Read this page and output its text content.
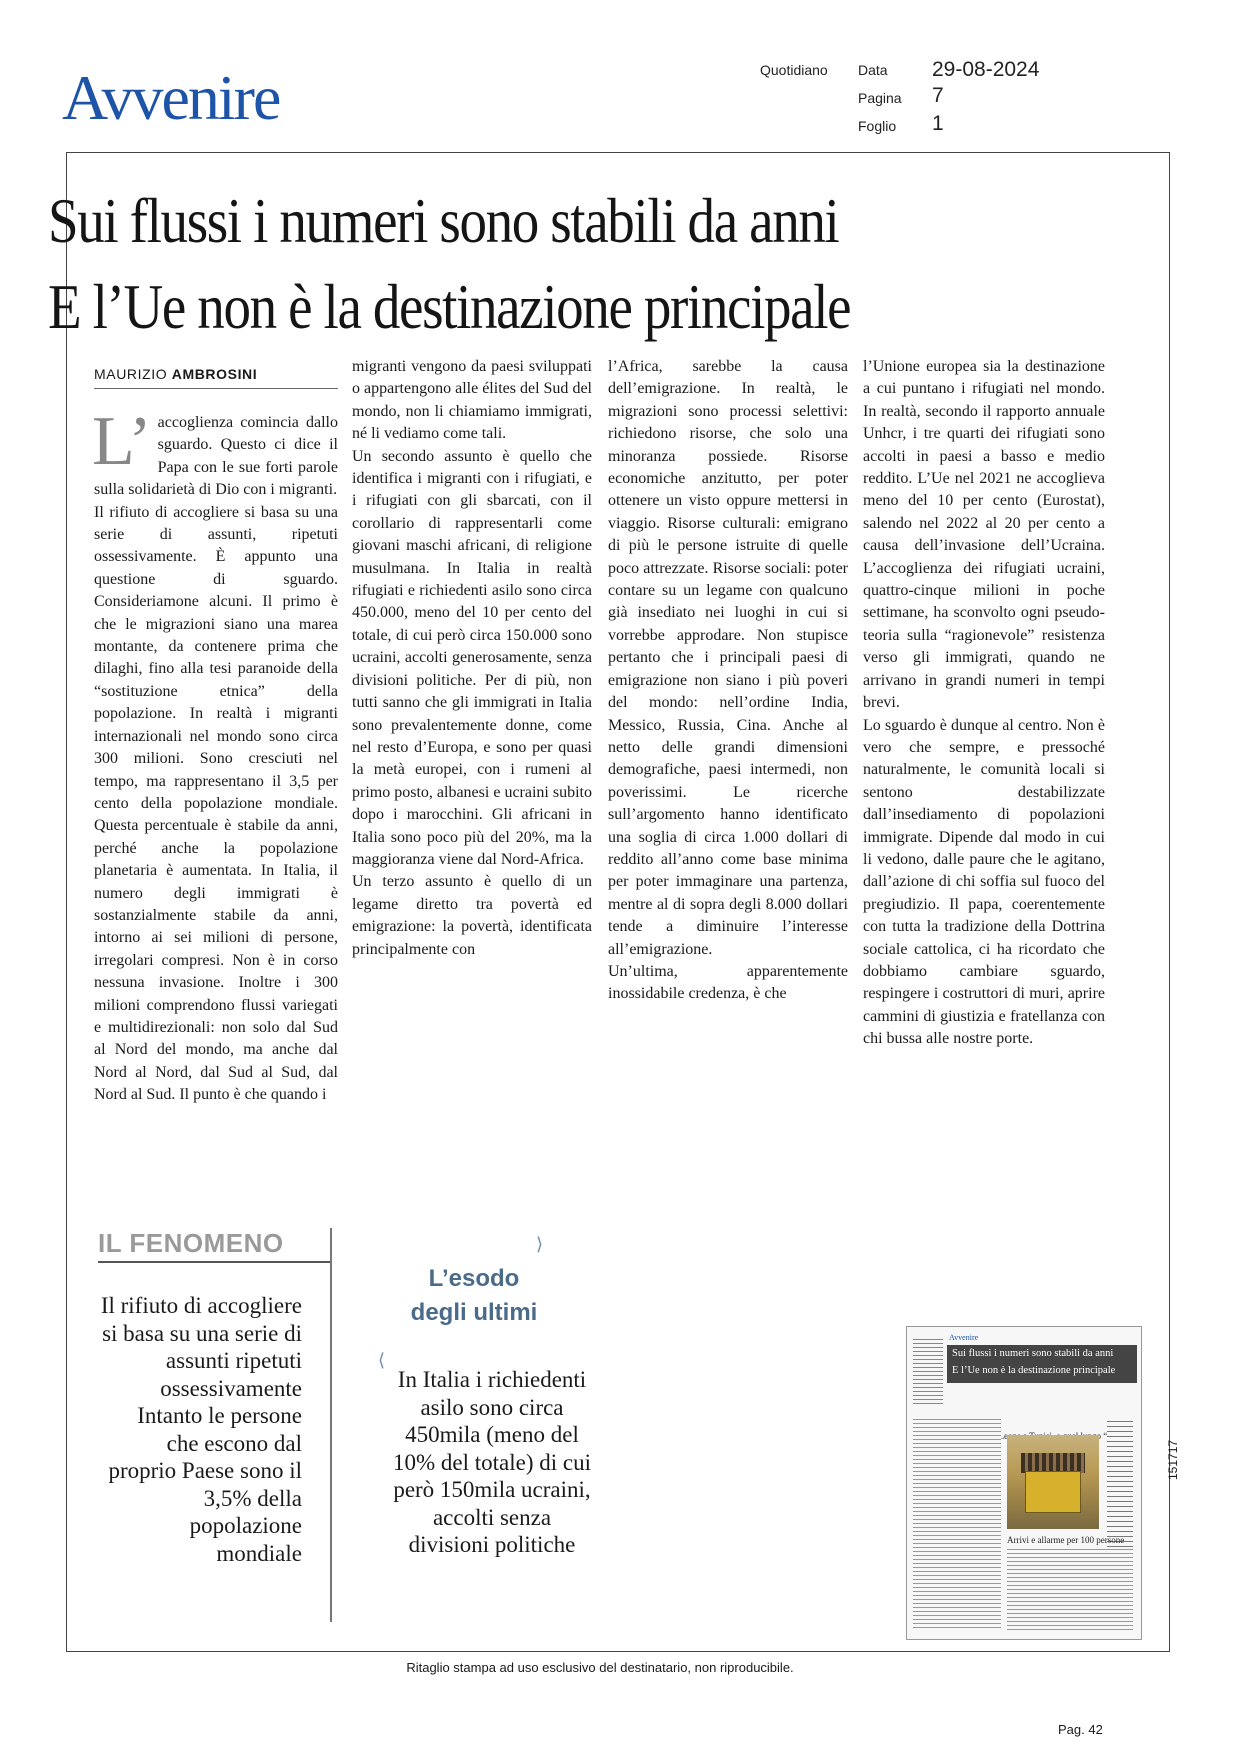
Avvenire	Quotidiano Data 29-08-2024
Pagina 7
Foglio 1
Sui flussi i numeri sono stabili da anni
E l’Ue non è la destinazione principale
MAURIZIO AMBROSINI
L’ accoglienza comincia dallo sguardo. Questo ci dice il Papa con le sue forti parole sulla solidarietà di Dio con i migranti.

Il rifiuto di accogliere si basa su una serie di assunti, ripetuti ossessivamente. È appunto una questione di sguardo. Consideriamone alcuni. Il primo è che le migrazioni siano una marea montante, da contenere prima che dilaghi, fino alla tesi paranoide della “sostituzione etnica” della popolazione. In realtà i migranti internazionali nel mondo sono circa 300 milioni. Sono cresciuti nel tempo, ma rappresentano il 3,5 per cento della popolazione mondiale. Questa percentuale è stabile da anni, perché anche la popolazione planetaria è aumentata. In Italia, il numero degli immigrati è sostanzialmente stabile da anni, intorno ai sei milioni di persone, irregolari compresi. Non è in corso nessuna invasione. Inoltre i 300 milioni comprendono flussi variegati e multidirezionali: non solo dal Sud al Nord del mondo, ma anche dal Nord al Nord, dal Sud al Sud, dal Nord al Sud. Il punto è che quando i

migranti vengono da paesi sviluppati o appartengono alle élites del Sud del mondo, non li chiamiamo immigrati, né li vediamo come tali.

Un secondo assunto è quello che identifica i migranti con i rifugiati, e i rifugiati con gli sbarcati, con il corollario di rappresentarli come giovani maschi africani, di religione musulmana. In Italia in realtà rifugiati e richiedenti asilo sono circa 450.000, meno del 10 per cento del totale, di cui però circa 150.000 sono ucraini, accolti generosamente, senza divisioni politiche. Per di più, non tutti sanno che gli immigrati in Italia sono prevalentemente donne, come nel resto d’Europa, e sono per quasi la metà europei, con i rumeni al primo posto, albanesi e ucraini subito dopo i marocchini. Gli africani in Italia sono poco più del 20%, ma la maggioranza viene dal Nord-Africa.

Un terzo assunto è quello di un legame diretto tra povertà ed emigrazione: la povertà, identificata principalmente con

l’Africa, sarebbe la causa dell’emigrazione. In realtà, le migrazioni sono processi selettivi: richiedono risorse, che solo una minoranza possiede. Risorse economiche anzitutto, per poter ottenere un visto oppure mettersi in viaggio. Risorse culturali: emigrano di più le persone istruite di quelle poco attrezzate. Risorse sociali: poter contare su un legame con qualcuno già insediato nei luoghi in cui si vorrebbe approdare. Non stupisce pertanto che i principali paesi di emigrazione non siano i più poveri del mondo: nell’ordine India, Messico, Russia, Cina. Anche al netto delle grandi dimensioni demografiche, paesi intermedi, non poverissimi. Le ricerche sull’argomento hanno identificato una soglia di circa 1.000 dollari di reddito all’anno come base minima per poter immaginare una partenza, mentre al di sopra degli 8.000 dollari tende a diminuire l’interesse all’emigrazione.

Un’ultima, apparentemente inossidabile credenza, è che

l’Unione europea sia la destinazione a cui puntano i rifugiati nel mondo. In realtà, secondo il rapporto annuale Unhcr, i tre quarti dei rifugiati sono accolti in paesi a basso e medio reddito. L’Ue nel 2021 ne accoglieva meno del 10 per cento (Eurostat), salendo nel 2022 al 20 per cento a causa dell’invasione dell’Ucraina. L’accoglienza dei rifugiati ucraini, quattro-cinque milioni in poche settimane, ha sconvolto ogni pseudo-teoria sulla “ragionevole” resistenza verso gli immigrati, quando ne arrivano in grandi numeri in tempi brevi.

Lo sguardo è dunque al centro. Non è vero che sempre, e pressoché naturalmente, le comunità locali si sentono destabilizzate dall’insediamento di popolazioni immigrate. Dipende dal modo in cui li vedono, dalle paure che le agitano, dall’azione di chi soffia sul fuoco del pregiudizio. Il papa, coerentemente con tutta la tradizione della Dottrina sociale cattolica, ci ha ricordato che dobbiamo cambiare sguardo, respingere i costruttori di muri, aprire cammini di giustizia e fratellanza con chi bussa alle nostre porte.

IL FENOMENO
Il rifiuto di accogliere si basa su una serie di assunti ripetuti ossessivamente Intanto le persone che escono dal proprio Paese sono il 3,5% della popolazione mondiale
⟩
⟨
L’esodo
degli ultimi
In Italia i richiedenti asilo sono circa 450mila (meno del 10% del totale) di cui però 150mila ucraini, accolti senza divisioni politiche
Avvenire
Sui flussi i numeri sono stabili da anni
E l’Ue non è la destinazione principale
Arrivi e allarme per 100 persone
151717
Ritaglio stampa ad uso esclusivo del destinatario, non riproducibile.
Pag. 42
